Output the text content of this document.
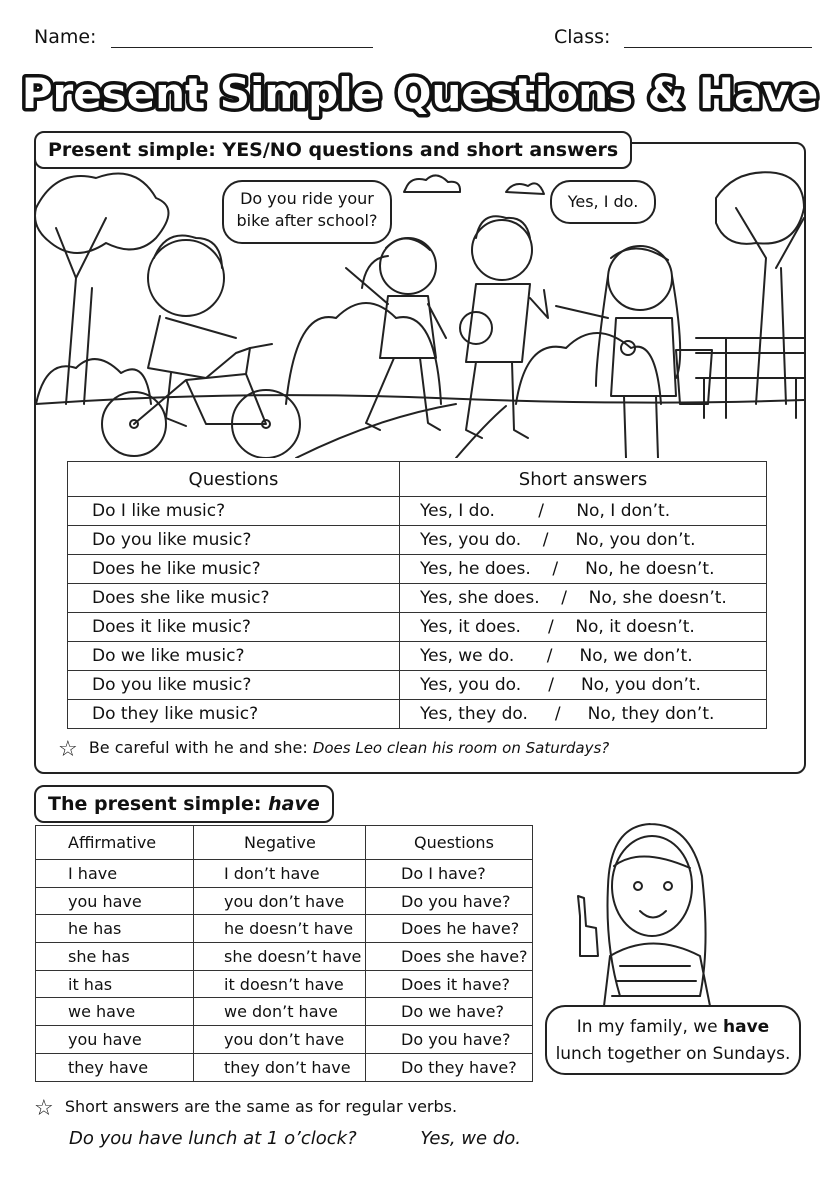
Name:	Class:
Present Simple Questions & Have
Present simple: YES/NO questions and short answers
Do you ride your bike after school?
Yes, I do.
Questions	Short answers
Do I like music?	Yes, I do.        /      No, I don’t.
Do you like music?	Yes, you do.    /     No, you don’t.
Does he like music?	Yes, he does.    /     No, he doesn’t.
Does she like music?	Yes, she does.    /    No, she doesn’t.
Does it like music?	Yes, it does.     /    No, it doesn’t.
Do we like music?	Yes, we do.      /     No, we don’t.
Do you like music?	Yes, you do.     /     No, you don’t.
Do they like music?	Yes, they do.     /     No, they don’t.
☆ Be careful with he and she: Does Leo clean his room on Saturdays?
The present simple: have
Affirmative	Negative	Questions
I have	I don’t have	Do I have?
you have	you don’t have	Do you have?
he has	he doesn’t have	Does he have?
she has	she doesn’t have	Does she have?
it has	it doesn’t have	Does it have?
we have	we don’t have	Do we have?
you have	you don’t have	Do you have?
they have	they don’t have	Do they have?
In my family, we have lunch together on Sundays.
☆ Short answers are the same as for regular verbs.
Do you have lunch at 1 o’clock?	Yes, we do.
